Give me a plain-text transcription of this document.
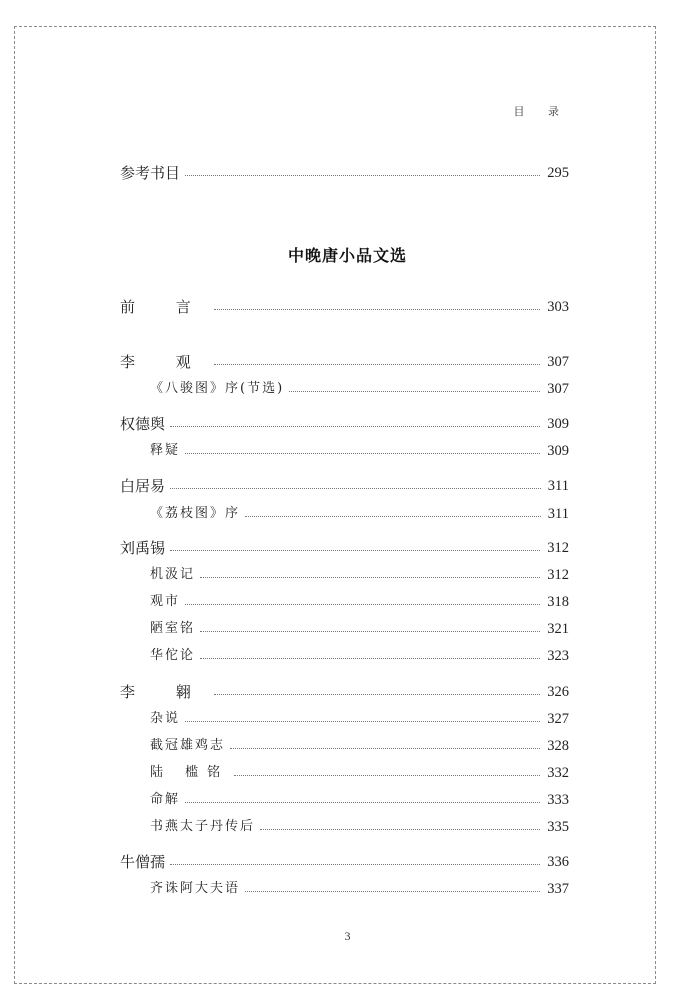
目 录
参考书目	295
中晚唐小品文选
前 言	303
李 观	307
《八骏图》序(节选)	307
权德舆	309
释疑	309
白居易	311
《荔枝图》序	311
刘禹锡	312
机汲记	312
观市	318
陋室铭	321
华佗论	323
李 翱	326
杂说	327
截冠雄鸡志	328
陆 槛铭	332
命解	333
书燕太子丹传后	335
牛僧孺	336
齐诛阿大夫语	337
3
